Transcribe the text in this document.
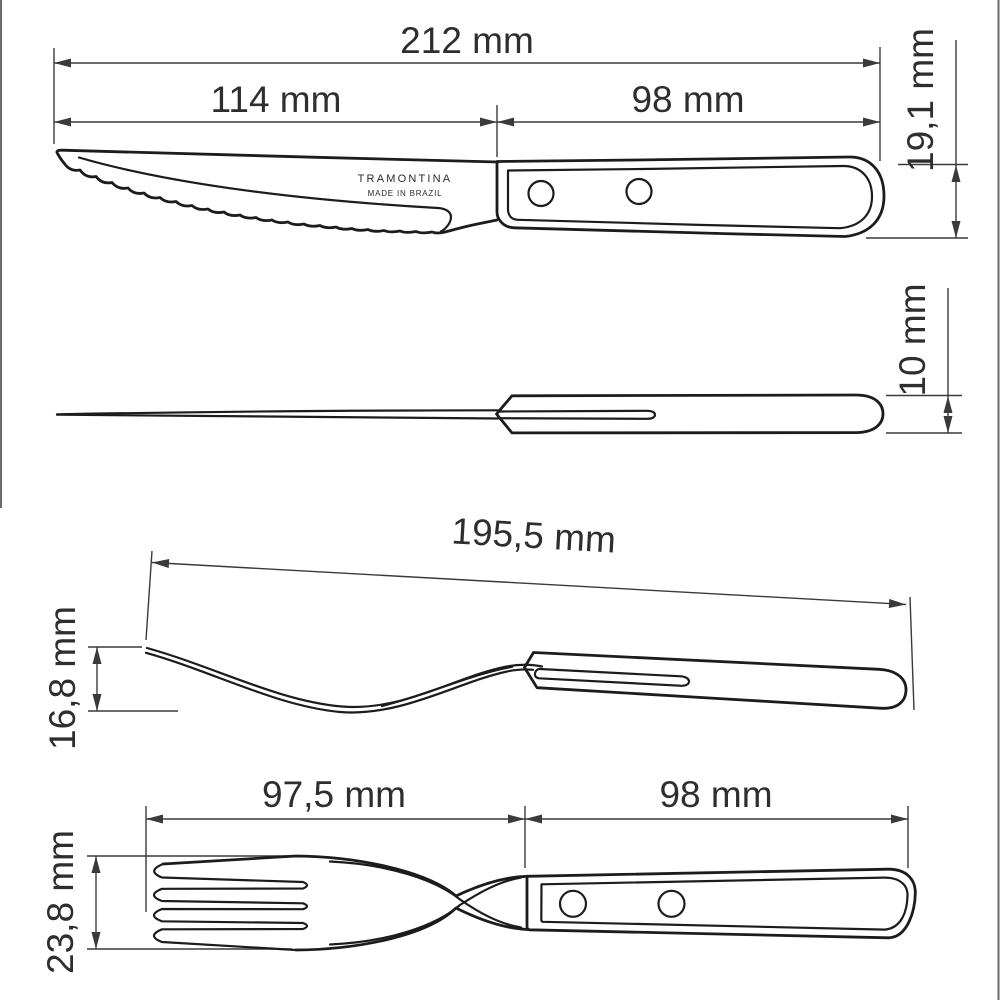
212 mm
114 mm	98 mm	19,1 mm
TRAMONTINA
MADE IN BRAZIL
10 mm
195,5 mm
16,8 mm
97,5 mm	98 mm
23,8 mm
